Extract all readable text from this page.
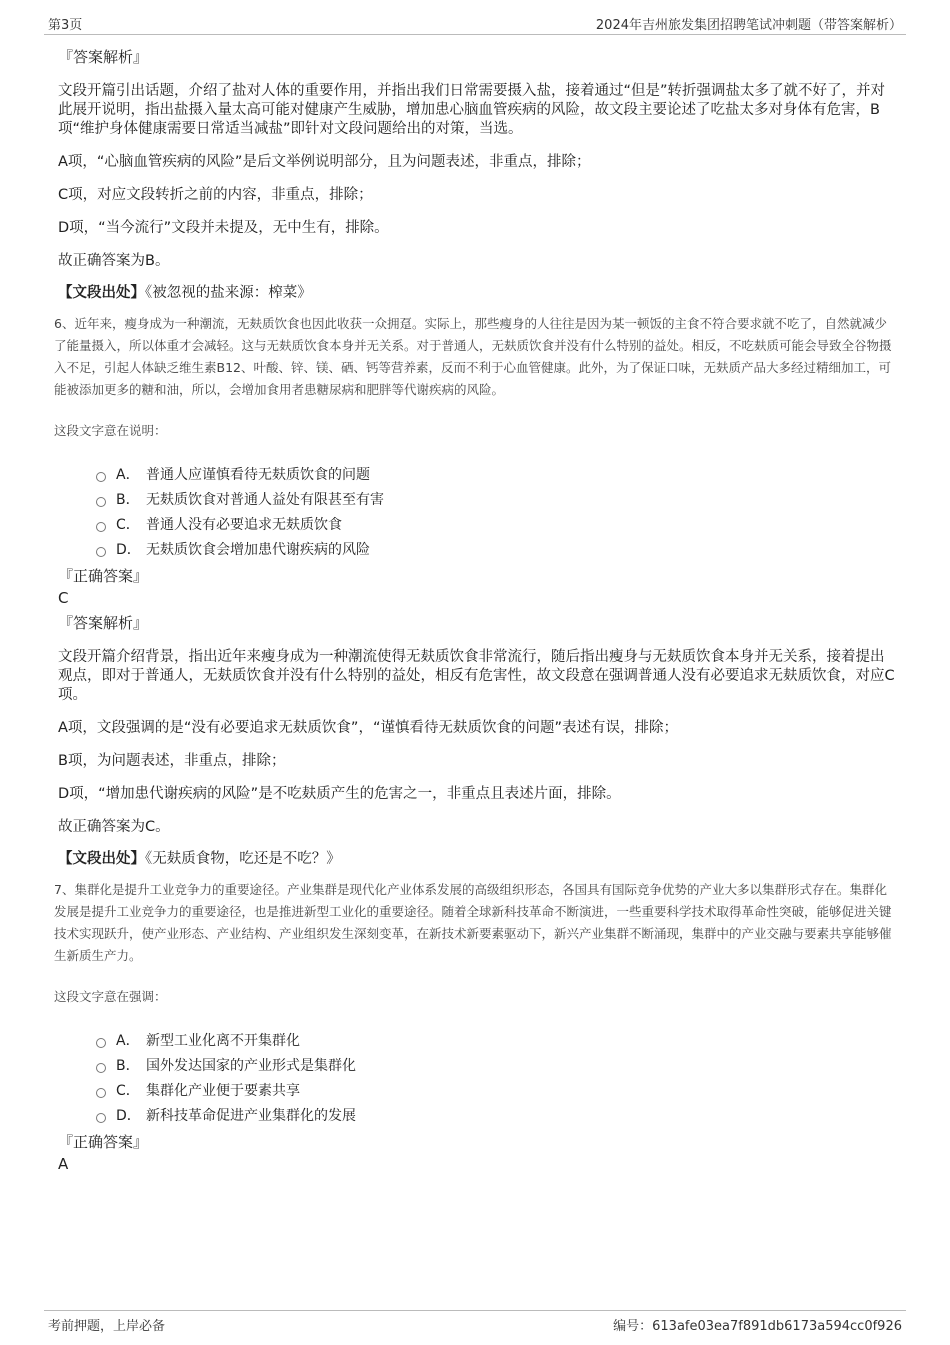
第3页	2024年吉州旅发集团招聘笔试冲刺题（带答案解析）
『答案解析』
文段开篇引出话题，介绍了盐对人体的重要作用，并指出我们日常需要摄入盐，接着通过“但是”转折强调盐太多了就不好了，并对此展开说明，指出盐摄入量太高可能对健康产生威胁，增加患心脑血管疾病的风险，故文段主要论述了吃盐太多对身体有危害，B项“维护身体健康需要日常适当减盐”即针对文段问题给出的对策，当选。
A项，“心脑血管疾病的风险”是后文举例说明部分，且为问题表述，非重点，排除；
C项，对应文段转折之前的内容，非重点，排除；
D项，“当今流行”文段并未提及，无中生有，排除。
故正确答案为B。
【文段出处】《被忽视的盐来源：榨菜》
6、近年来，瘦身成为一种潮流，无麸质饮食也因此收获一众拥趸。实际上，那些瘦身的人往往是因为某一顿饭的主食不符合要求就不吃了，自然就减少了能量摄入，所以体重才会减轻。这与无麸质饮食本身并无关系。对于普通人，无麸质饮食并没有什么特别的益处。相反，不吃麸质可能会导致全谷物摄入不足，引起人体缺乏维生素B12、叶酸、锌、镁、硒、钙等营养素，反而不利于心血管健康。此外，为了保证口味，无麸质产品大多经过精细加工，可能被添加更多的糖和油，所以，会增加食用者患糖尿病和肥胖等代谢疾病的风险。
这段文字意在说明：
A． 普通人应谨慎看待无麸质饮食的问题
B． 无麸质饮食对普通人益处有限甚至有害
C． 普通人没有必要追求无麸质饮食
D． 无麸质饮食会增加患代谢疾病的风险
『正确答案』
C
『答案解析』
文段开篇介绍背景，指出近年来瘦身成为一种潮流使得无麸质饮食非常流行，随后指出瘦身与无麸质饮食本身并无关系，接着提出观点，即对于普通人，无麸质饮食并没有什么特别的益处，相反有危害性，故文段意在强调普通人没有必要追求无麸质饮食，对应C项。
A项，文段强调的是“没有必要追求无麸质饮食”，“谨慎看待无麸质饮食的问题”表述有误，排除；
B项，为问题表述，非重点，排除；
D项，“增加患代谢疾病的风险”是不吃麸质产生的危害之一，非重点且表述片面，排除。
故正确答案为C。
【文段出处】《无麸质食物，吃还是不吃？》
7、集群化是提升工业竞争力的重要途径。产业集群是现代化产业体系发展的高级组织形态，各国具有国际竞争优势的产业大多以集群形式存在。集群化发展是提升工业竞争力的重要途径，也是推进新型工业化的重要途径。随着全球新科技革命不断演进，一些重要科学技术取得革命性突破，能够促进关键技术实现跃升，使产业形态、产业结构、产业组织发生深刻变革，在新技术新要素驱动下，新兴产业集群不断涌现，集群中的产业交融与要素共享能够催生新质生产力。
这段文字意在强调：
A． 新型工业化离不开集群化
B． 国外发达国家的产业形式是集群化
C． 集群化产业便于要素共享
D． 新科技革命促进产业集群化的发展
『正确答案』
A
考前押题，上岸必备	编号：613afe03ea7f891db6173a594cc0f926
